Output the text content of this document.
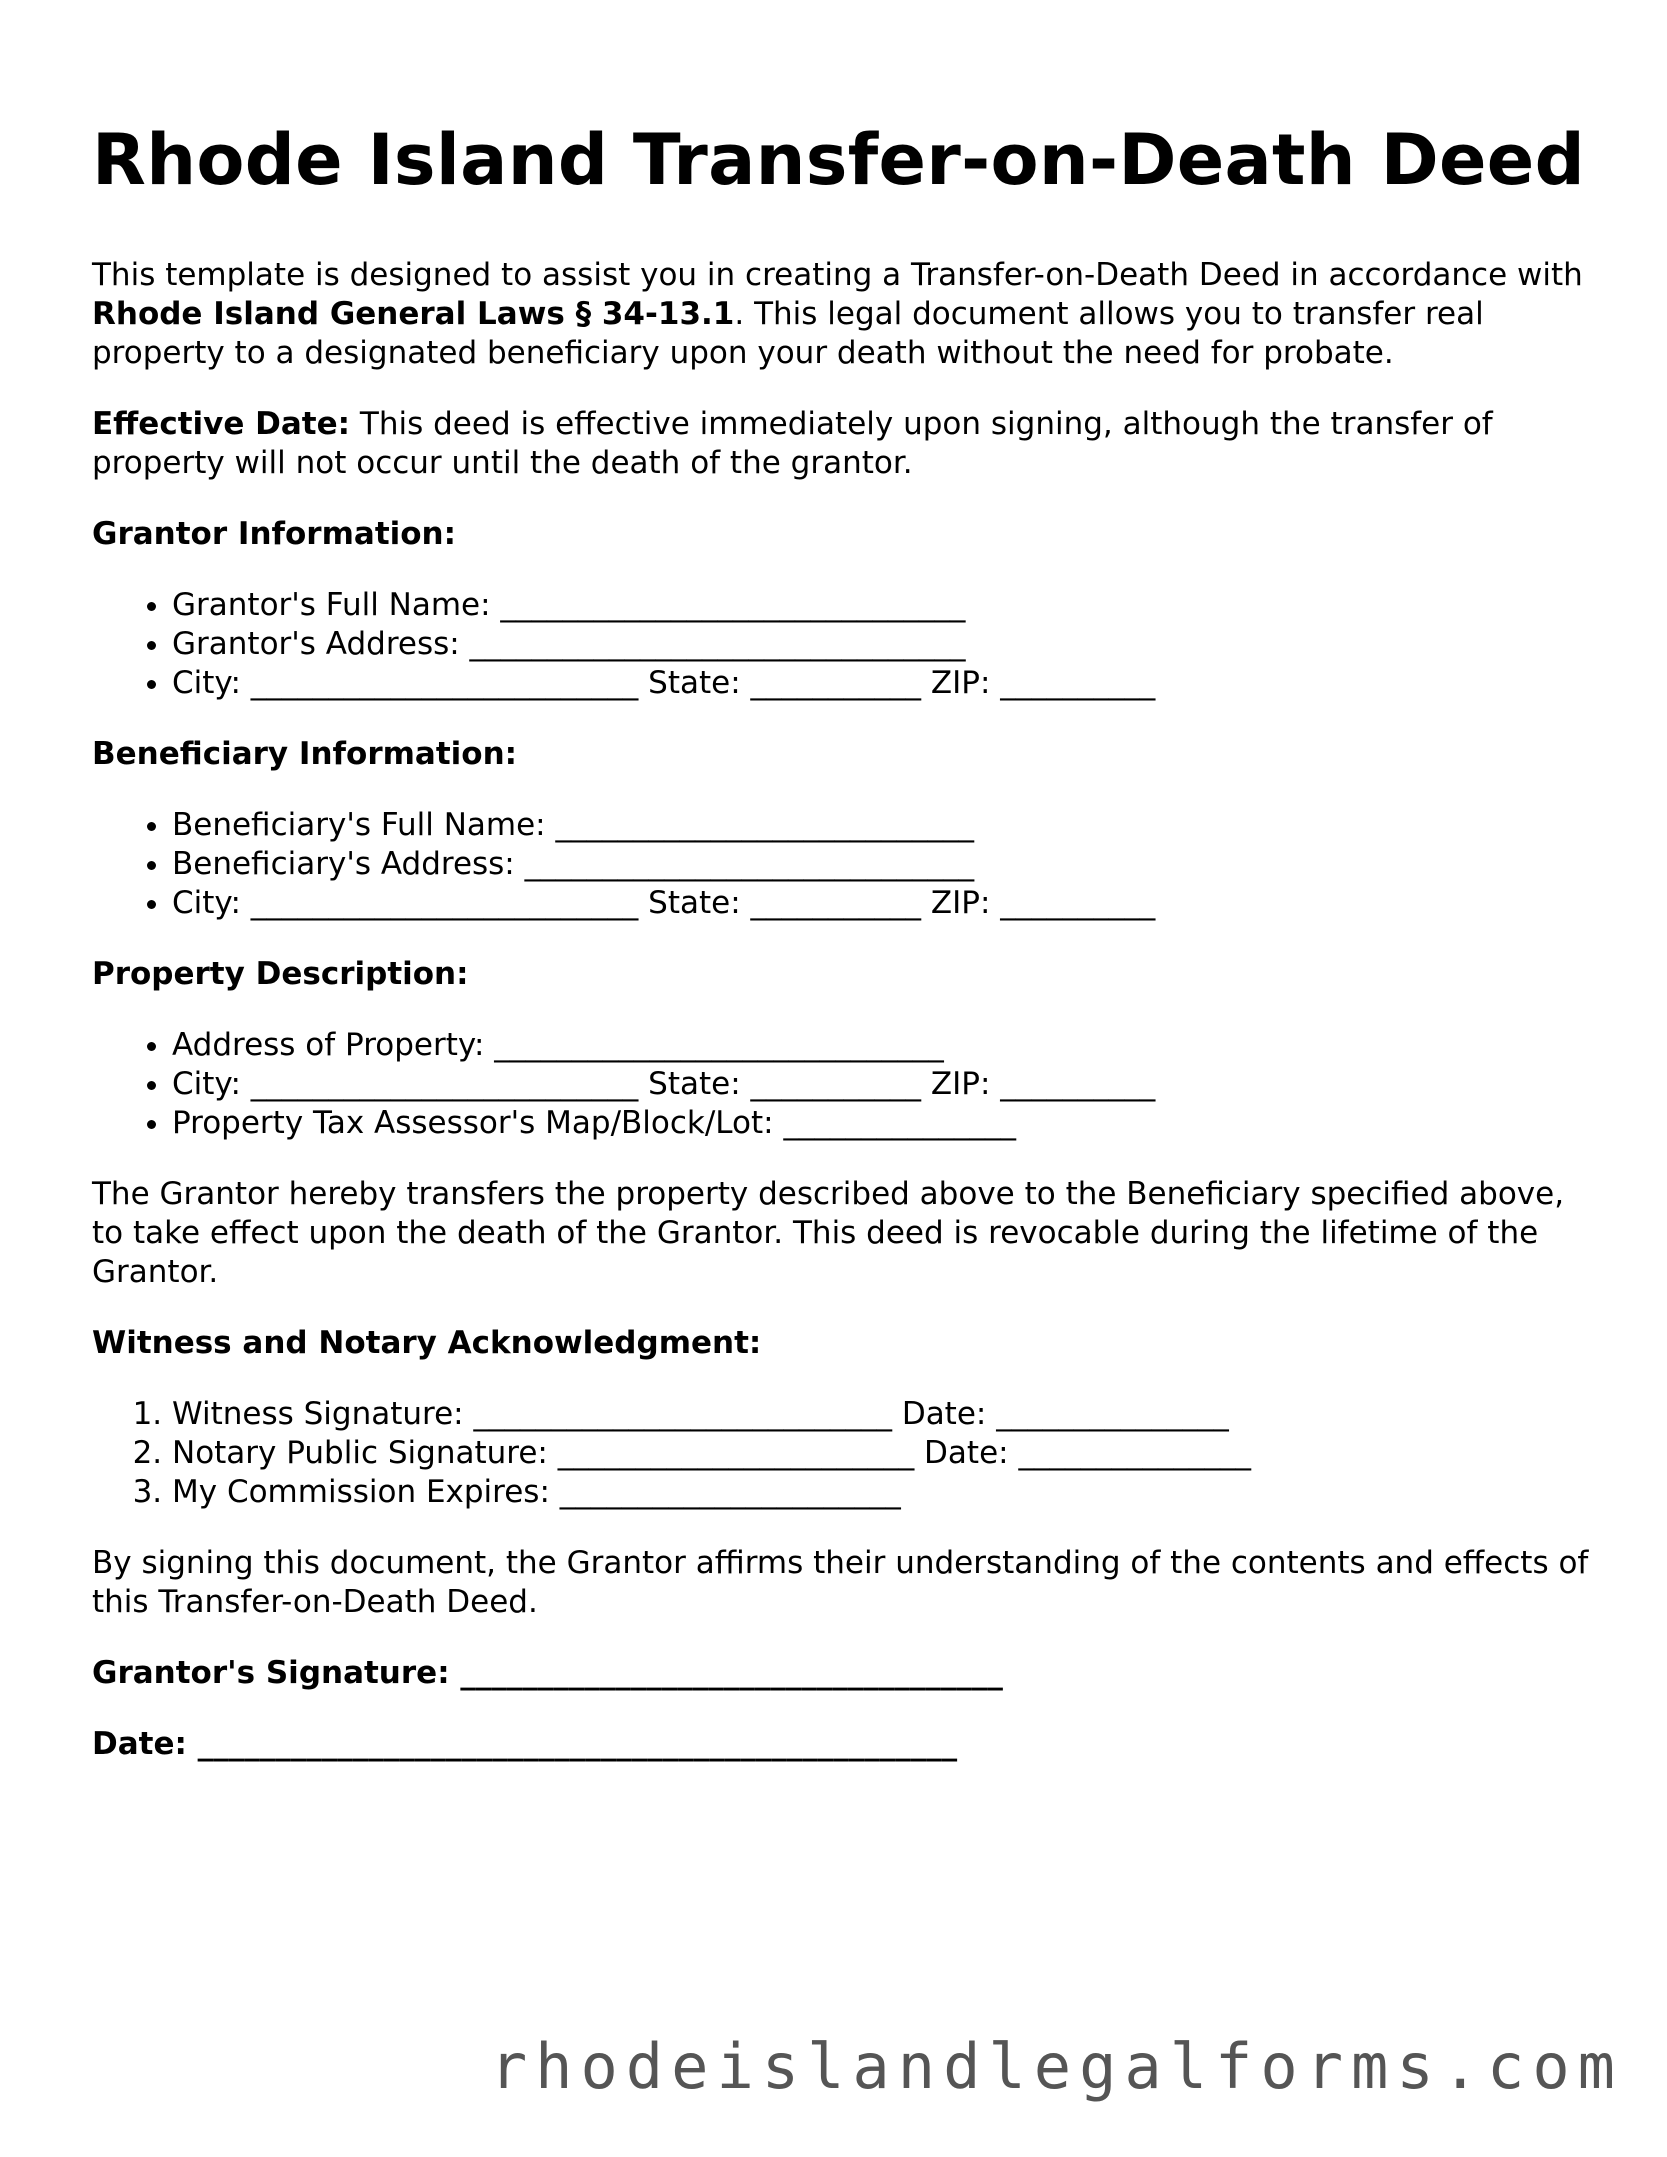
Rhode Island Transfer-on-Death Deed

This template is designed to assist you in creating a Transfer-on-Death Deed in accordance with Rhode Island General Laws § 34-13.1. This legal document allows you to transfer real property to a designated beneficiary upon your death without the need for probate.

Effective Date: This deed is effective immediately upon signing, although the transfer of property will not occur until the death of the grantor.

Grantor Information:

• Grantor's Full Name: ______________________________
• Grantor's Address: ________________________________
• City: _________________________ State: ___________ ZIP: __________

Beneficiary Information:

• Beneficiary's Full Name: ___________________________
• Beneficiary's Address: _____________________________
• City: _________________________ State: ___________ ZIP: __________

Property Description:

• Address of Property: _____________________________
• City: _________________________ State: ___________ ZIP: __________
• Property Tax Assessor's Map/Block/Lot: _______________

The Grantor hereby transfers the property described above to the Beneficiary specified above, to take effect upon the death of the Grantor. This deed is revocable during the lifetime of the Grantor.

Witness and Notary Acknowledgment:

1. Witness Signature: ___________________________ Date: _______________
2. Notary Public Signature: _______________________ Date: _______________
3. My Commission Expires: ______________________

By signing this document, the Grantor affirms their understanding of the contents and effects of this Transfer-on-Death Deed.

Grantor's Signature: ___________________________________

Date: _________________________________________________

rhodeislandlegalforms.com
